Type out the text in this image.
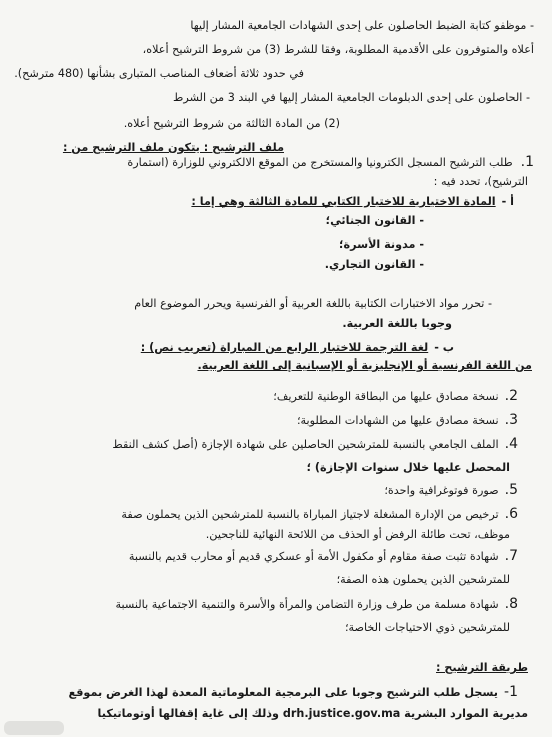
- موظفو كتابة الضبط الحاصلون على إحدى الشهادات الجامعية المشار إليها
أعلاه والمتوفرون على الأقدمية المطلوبة، وفقا للشرط (3) من شروط الترشيح أعلاه،
في حدود ثلاثة أضعاف المناصب المتبارى بشأنها (480 مترشح).
- الحاصلون على إحدى الدبلومات الجامعية المشار إليها في البند 3 من الشرط
(2) من المادة الثالثة من شروط الترشيح أعلاه.
ملف الترشيح : يتكون ملف الترشيح من :
1.طلب الترشيح المسجل الكترونيا والمستخرج من الموقع الالكتروني للوزارة (استمارة
الترشيح)، تحدد فيه :
أ -المادة الاختيارية للاختبار الكتابي للمادة الثالثة وهي إما :
- القانون الجنائي؛
- مدونة الأسرة؛
- القانون التجاري.
- تحرر مواد الاختبارات الكتابية باللغة العربية أو الفرنسية ويحرر الموضوع العام
وجوبا باللغة العربية.
ب -لغة الترجمة للاختبار الرابع من المباراة (تعريب نص) :
من اللغة الفرنسية أو الإنجليزية أو الإسبانية إلى اللغة العربية.
2.نسخة مصادق عليها من البطاقة الوطنية للتعريف؛
3.نسخة مصادق عليها من الشهادات المطلوبة؛
4.الملف الجامعي بالنسبة للمترشحين الحاصلين على شهادة الإجازة (أصل كشف النقط
المحصل عليها خلال سنوات الإجازة) ؛
5.صورة فوتوغرافية واحدة؛
6.ترخيص من الإدارة المشغلة لاجتياز المباراة بالنسبة للمترشحين الذين يحملون صفة
موظف، تحت طائلة الرفض أو الحذف من اللائحة النهائية للناجحين.
7.شهادة تثبت صفة مقاوم أو مكفول الأمة أو عسكري قديم أو محارب قديم بالنسبة
للمترشحين الذين يحملون هذه الصفة؛
8.شهادة مسلمة من طرف وزارة التضامن والمرأة والأسرة والتنمية الاجتماعية بالنسبة
للمترشحين ذوي الاحتياجات الخاصة؛
طريقة الترشيح :
1-يسجل طلب الترشيح وجوبا على البرمجية المعلوماتية المعدة لهذا الغرض بموقع
مديرية الموارد البشرية drh.justice.gov.ma وذلك إلى غاية إقفالها أوتوماتيكيا
